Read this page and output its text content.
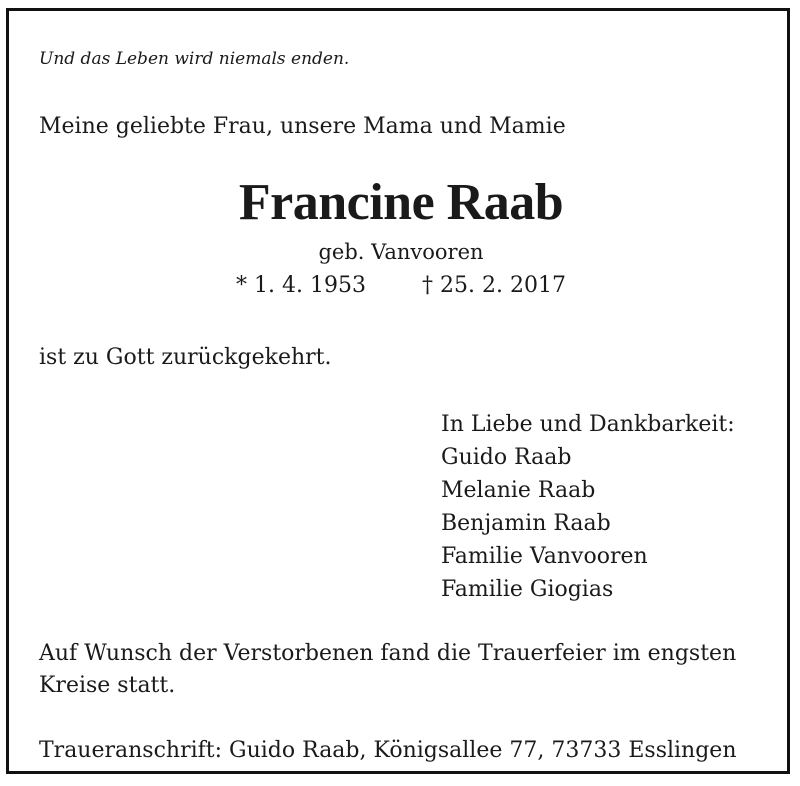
Und das Leben wird niemals enden.
Meine geliebte Frau, unsere Mama und Mamie
Francine Raab
geb. Vanvooren
* 1. 4. 1953	† 25. 2. 2017
ist zu Gott zurückgekehrt.
In Liebe und Dankbarkeit:
Guido Raab
Melanie Raab
Benjamin Raab
Familie Vanvooren
Familie Giogias
Auf Wunsch der Verstorbenen fand die Trauerfeier im engsten Kreise statt.
Traueranschrift: Guido Raab, Königsallee 77, 73733 Esslingen
